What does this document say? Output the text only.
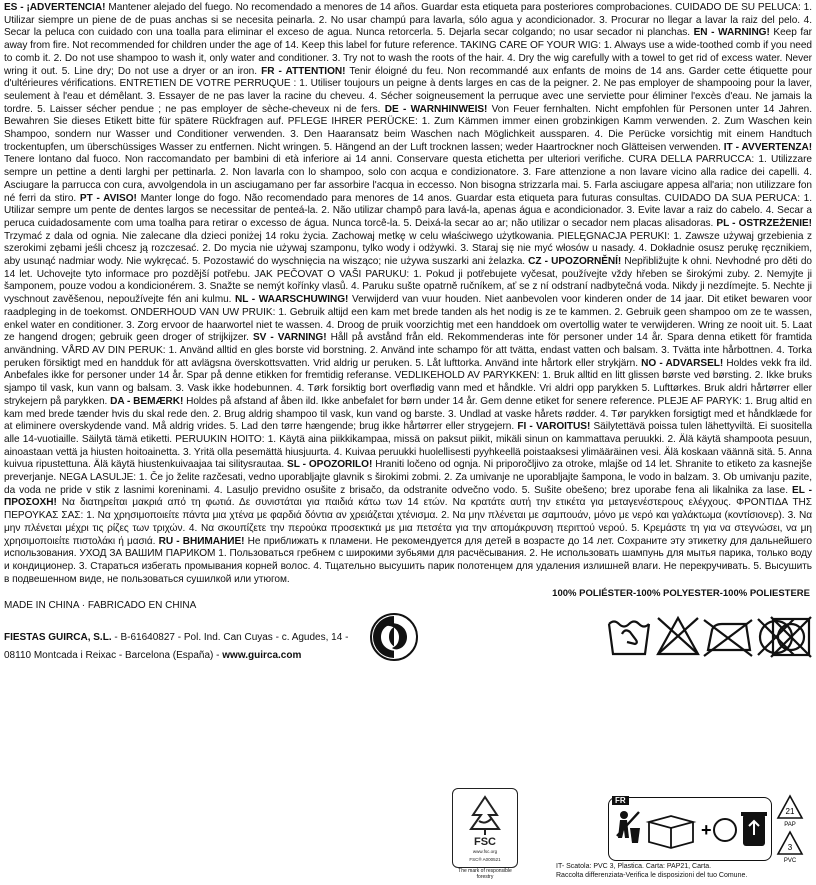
ES - ¡ADVERTENCIA! Mantener alejado del fuego. No recomendado a menores de 14 años. Guardar esta etiqueta para posteriores comprobaciones. CUIDADO DE SU PELUCA: 1. Utilizar siempre un pienе de de puas anchas si se necesita peinarla. 2. No usar champú para lavarla, sólo agua y acondicionador. 3. Procurar no llegar a lavar la raiz del pelo. 4. Secar la peluca con cuidado con una toalla para eliminar el exceso de agua. Nunca retorcerla. 5. Dejarla secar colgando; no usar secador ni planchas. EN - WARNING! Keep far away from fire. Not recommended for children under the age of 14. Keep this label for future reference. TAKING CARE OF YOUR WIG: 1. Always use a wide-toothed comb if you need to comb it. 2. Do not use shampoo to wash it, only water and conditioner. 3. Try not to wash the roots of the hair. 4. Dry the wig carefully with a towel to get rid of excess water. Never wring it out. 5. Line dry; Do not use a dryer or an iron. FR - ATTENTION! Tenir éloigné du feu. Non recommandé aux enfants de moins de 14 ans. Garder cette étiquette pour d'ultérieures vérifications. ENTRETIEN DE VOTRE PERRUQUE : 1. Utiliser toujours un peigne à dents larges en cas de la peigner. 2. Ne pas employer de shampooing pour la laver, seulement à l'eau et démêlant. 3. Essayer de ne pas laver la racine du cheveu. 4. Sécher soigneusement la perruque avec une serviette pour éliminer l'excès d'eau. Ne jamais la tordre. 5. Laisser sécher pendue ; ne pas employer de sèche-cheveux ni de fers. DE - WARNHINWEIS! Von Feuer fernhalten. Nicht empfohlen für Personen unter 14 Jahren. Bewahren Sie dieses Etikett bitte für spätere Rückfragen auf. PFLEGE IHRER PERÜCKE: 1. Zum Kämmen immer einen grobzinkigen Kamm verwenden. 2. Zum Waschen kein Shampoo, sondern nur Wasser und Conditioner verwenden. 3. Den Haaransatz beim Waschen nach Möglichkeit aussparen. 4. Die Perücke vorsichtig mit einem Handtuch trockentupfen, um überschüssiges Wasser zu entfernen. Nicht wringen. 5. Hängend an der Luft trocknen lassen; weder Haartrockner noch Glätteisen verwenden. IT - AVVERTENZA! Tenere lontano dal fuoco. Non raccomandato per bambini di età inferiore ai 14 anni. Conservare questa etichetta per ulteriori verifiche. CURA DELLA PARRUCCA: 1. Utilizzare sempre un pettine a denti larghi per pettinarla. 2. Non lavarla con lo shampoo, solo con acqua e condizionatore. 3. Fare attenzione a non lavare vicino alla radice dei capelli. 4. Asciugare la parrucca con cura, avvolgendola in un asciugamano per far assorbire l'acqua in eccesso. Non bisogna strizzarla mai. 5. Farla asciugare appesa all'aria; non utilizzare fon né ferri da stiro. PT - AVISO! Manter longe do fogo. Não recomendado para menores de 14 anos. Guardar esta etiqueta para futuras consultas. CUIDADO DA SUA PERUCA: 1. Utilizar sempre um pente de dentes largos se necessitar de penteá-la. 2. Não utilizar champô para lavá-la, apenas água e acondicionador. 3. Evite lavar a raiz do cabelo. 4. Secar a peruca cuidadosamente com uma toalha para retirar o excesso de água. Nunca torcê-la. 5. Deixá-la secar ao ar; não utilizar o secador nem placas alisadoras. PL - OSTRZEŻENIE! Trzymać z dala od ognia. Nie zalecane dla dzieci poniżej 14 roku życia. Zachowaj metkę w celu właściwego użytkowania. PIELĘGNACJA PERUKI: 1. Zawsze używaj grzebienia z szerokimi zębami jeśli chcesz ją rozczesać. 2. Do mycia nie używaj szamponu, tylko wody i odżywki. 3. Staraj się nie myć włosów u nasady. 4. Dokładnie osusz perukę ręcznikiem, aby usunąć nadmiar wody. Nie wykręcać. 5. Pozostawić do wyschnięcia na wisząco; nie używa suszarki ani żelazka. CZ - UPOZORNĚNÍ! Nepřibližujte k ohni. Nevhodné pro děti do 14 let. Uchovejte tyto informace pro pozdější potřebu. JAK PEČOVAT O VAŠI PARUKU: 1. Pokud ji potřebujete vyčesat, používejte vždy hřeben se širokými zuby. 2. Nemyjte ji šamponem, pouze vodou a kondicionérem. 3. Snažte se nemýt kořínky vlasů. 4. Paruku sušte opatrně ručníkem, ať se z ní odstraní nadbytečná voda. Nikdy ji nezdímejte. 5. Nechte ji vyschnout zavěšenou, nepoužívejte fén ani kulmu. NL - WAARSCHUWING! Verwijderd van vuur houden. Niet aanbevolen voor kinderen onder de 14 jaar. Dit etiket bewaren voor raadpleging in de toekomst. ONDERHOUD VAN UW PRUIK: 1. Gebruik altijd een kam met brede tanden als het nodig is ze te kammen. 2. Gebruik geen shampoo om ze te wassen, enkel water en conditioner. 3. Zorg ervoor de haarwortel niet te wassen. 4. Droog de pruik voorzichtig met een handdoek om overtollig water te verwijderen. Wring ze nooit uit. 5. Laat ze hangend drogen; gebruik geen droger of strijkijzer. SV - VARNING! Håll på avstånd från eld. Rekommenderas inte för personer under 14 år. Spara denna etikett för framtida användning. VÅRD AV DIN PERUK: 1. Använd alltid en gles borste vid borstning. 2. Använd inte schampo för att tvätta, endast vatten och balsam. 3. Tvätta inte hårbottnen. 4. Torka peruken försiktigt med en handduk för att avlägsna överskottsvatten. Vrid aldrig ur peruken. 5. Låt lufttorka. Använd inte hårtork eller strykjärn. NO - ADVARSEL! Holdes vekk fra ild. Anbefales ikke for personer under 14 år. Spar på denne etikken for fremtidig referanse. VEDLIKEHOLD AV PARYKKEN: 1. Bruk alltid en litt glissen børste ved børsting. 2. Ikke bruks sjampo til vask, kun vann og balsam. 3. Vask ikke hodebunnen. 4. Tørk forsiktig bort overflødig vann med et håndkle. Vri aldri opp parykken 5. Lufttørkes. Bruk aldri hårtørrer eller strykejern på parykken. DA - BEMÆRK! Holdes på afstand af åben ild. Ikke anbefalet for børn under 14 år. Gem denne etiket for senere reference. PLEJE AF PARYK: 1. Brug altid en kam med brede tænder hvis du skal rede den. 2. Brug aldrig shampoo til vask, kun vand og barste. 3. Undlad at vaske hårets rødder. 4. Tør parykken forsigtigt med et håndklæde for at eliminere overskydende vand. Må aldrig vrides. 5. Lad den tørre hængende; brug ikke hårtørrer eller strygejern. FI - VAROITUS! Säilytettävä poissa tulen lähettyviltä. Ei suositella alle 14-vuotiaille. Säilytä tämä etiketti. PERUUKIN HOITO: 1. Käytä aina piikkikampaa, missä on paksut piikit, mikäli sinun on kammattava peruukki. 2. Älä käytä shampoota pesuun, ainoastaan vettä ja hiusten hoitoainetta. 3. Yritä olla pesemättä hiusjuurta. 4. Kuivaa peruukki huolellisesti pyyhkeellä poistaaksesi ylimääräinen vesi. Älä koskaan väännä sitä. 5. Anna kuivua ripustettuna. Älä käytä hiustenkuivaajaa tai silitysrautaa. SL - OPOZORILO! Hraniti ločeno od ognja. Ni priporočljivo za otroke, mlajše od 14 let. Shranite to etiketo za kasnejše preverjanje. NEGA LASULJE: 1. Če jo želite razčesati, vedno uporabljajte glavnik s širokimi zobmi. 2. Za umivanje ne uporabljajte šampona, le vodo in balzam. 3. Ob umivanju pazite, da voda ne pride v stik z lasnimi koreninami. 4. Lasuljo previdno osušite z brisačo, da odstranite odvečno vodo. 5. Sušite obešeno; brez uporabe fena ali likalnika za lase. EL - ΠΡΟΣΟΧΗ! Να διατηρείται μακριά από τη φωτιά. Δε συνιστάται για παιδιά κάτω των 14 ετών. Να κρατάτε αυτή την ετικέτα για μεταγενέστερους ελέγχους. ΦΡΟΝΤΙΔΑ ΤΗΣ ΠΕΡΟΥΚΑΣ ΣΑΣ: 1. Να χρησιμοποιείτε πάντα μια χτένα με φαρδιά δόντια αν χρειάζεται χτένισμα. 2. Να μην πλένεται με σαμπουάν, μόνο με νερό και γαλάκτωμα (κοντίσιονερ). 3. Να μην πλένεται μέχρι τις ρίζες των τριχών. 4. Να σκουπίζετε την περούκα προσεκτικά με μια πετσέτα για την απομάκρυνση περιττού νερού. 5. Κρεμάστε τη για να στεγνώσει, να μη χρησιμοποιείτε πιστολάκι ή μασιά. RU - ВНИМАНИЕ! Не приближать к пламени. Не рекомендуется для детей в возрасте до 14 лет. Сохраните эту этикетку для дальнейшего использования. УХОД ЗА ВАШИМ ПАРИКОМ 1. Пользоваться гребнем с широкими зубьями для расчёсывания. 2. Не использовать шампунь для мытья парика, только воду и кондиционер. 3. Стараться избегать промывания корней волос. 4. Тщательно высушить парик полотенцем для удаления излишней влаги. Не перекручивать. 5. Высушить в подвешенном виде, не пользоваться сушилкой или утюгом.
MADE IN CHINA · FABRICADO EN CHINA
100% POLIÉSTER-100% POLYESTER-100% POLIESTERE
FIESTAS GUIRCA, S.L. - B-61640827 - Pol. Ind. Can Cuyas - c. Agudes, 14 -
08110 Montcada i Reixac - Barcelona (España) - www.guirca.com
FSC
www.fsc.org
FSC® A000521
The mark of responsible forestry
FR
+
21
PAP
3
PVC
IT- Scatola: PVC 3, Plastica. Carta: PAP21, Carta.
Raccolta differenziata-Verifica le disposizioni del tuo Comune.
